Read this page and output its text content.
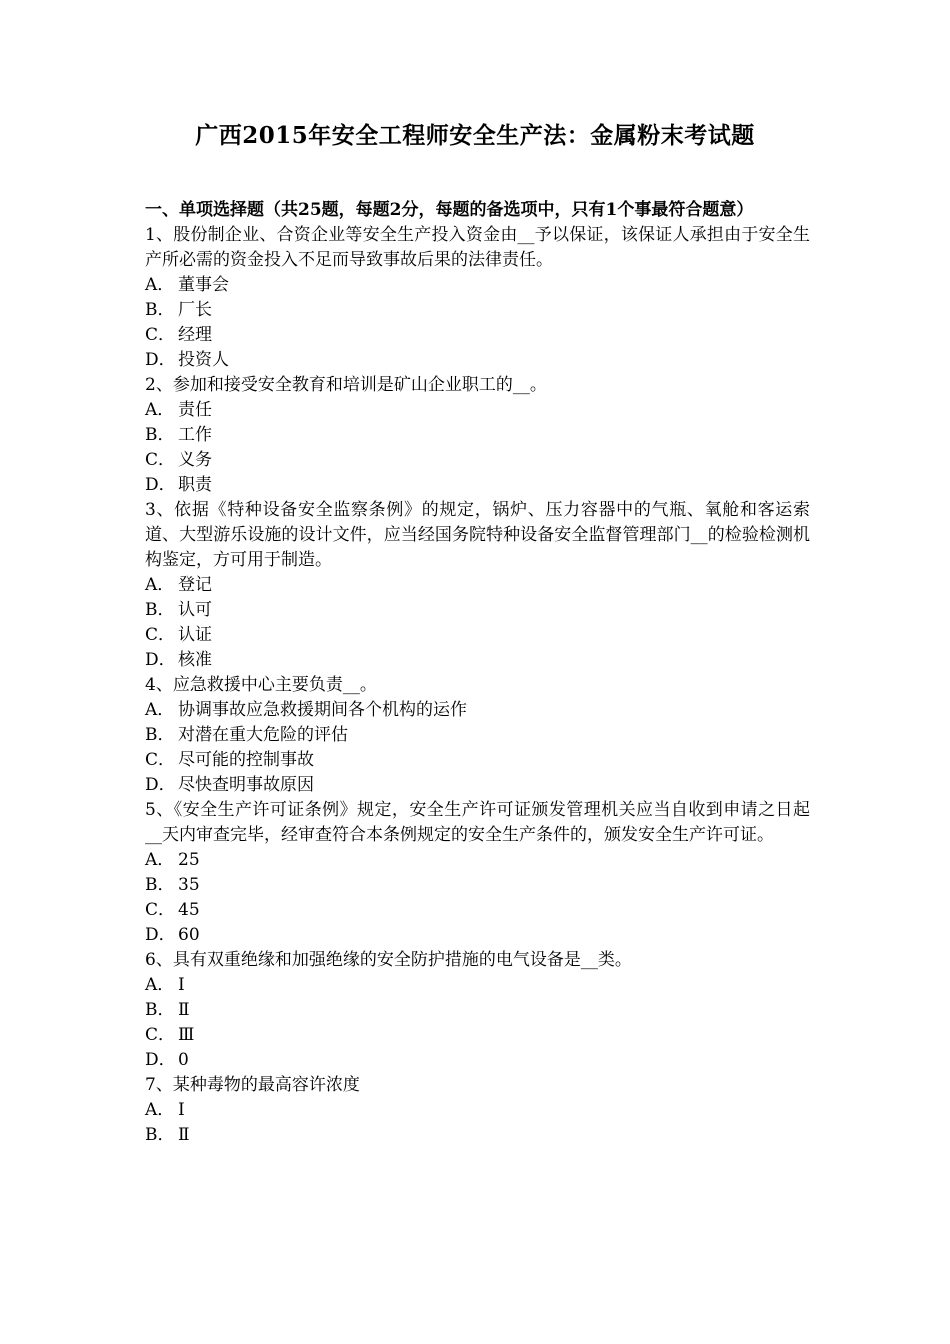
广西2015年安全工程师安全生产法：金属粉末考试题

一、单项选择题（共25题，每题2分，每题的备选项中，只有1个事最符合题意）

1、股份制企业、合资企业等安全生产投入资金由__予以保证，该保证人承担由于安全生产所必需的资金投入不足而导致事故后果的法律责任。

A． 董事会

B． 厂长

C． 经理

D． 投资人

2、参加和接受安全教育和培训是矿山企业职工的__。

A． 责任

B． 工作

C． 义务

D． 职责

3、依据《特种设备安全监察条例》的规定，锅炉、压力容器中的气瓶、氧舱和客运索道、大型游乐设施的设计文件，应当经国务院特种设备安全监督管理部门__的检验检测机构鉴定，方可用于制造。

A． 登记

B． 认可

C． 认证

D． 核准

4、应急救援中心主要负责__。

A． 协调事故应急救援期间各个机构的运作

B． 对潜在重大危险的评估

C． 尽可能的控制事故

D． 尽快查明事故原因

5、《安全生产许可证条例》规定，安全生产许可证颁发管理机关应当自收到申请之日起__天内审查完毕，经审查符合本条例规定的安全生产条件的，颁发安全生产许可证。

A． 25

B． 35

C． 45

D． 60

6、具有双重绝缘和加强绝缘的安全防护措施的电气设备是__类。

A． Ⅰ

B． Ⅱ

C． Ⅲ

D． 0

7、某种毒物的最高容许浓度

A． Ⅰ

B． Ⅱ
